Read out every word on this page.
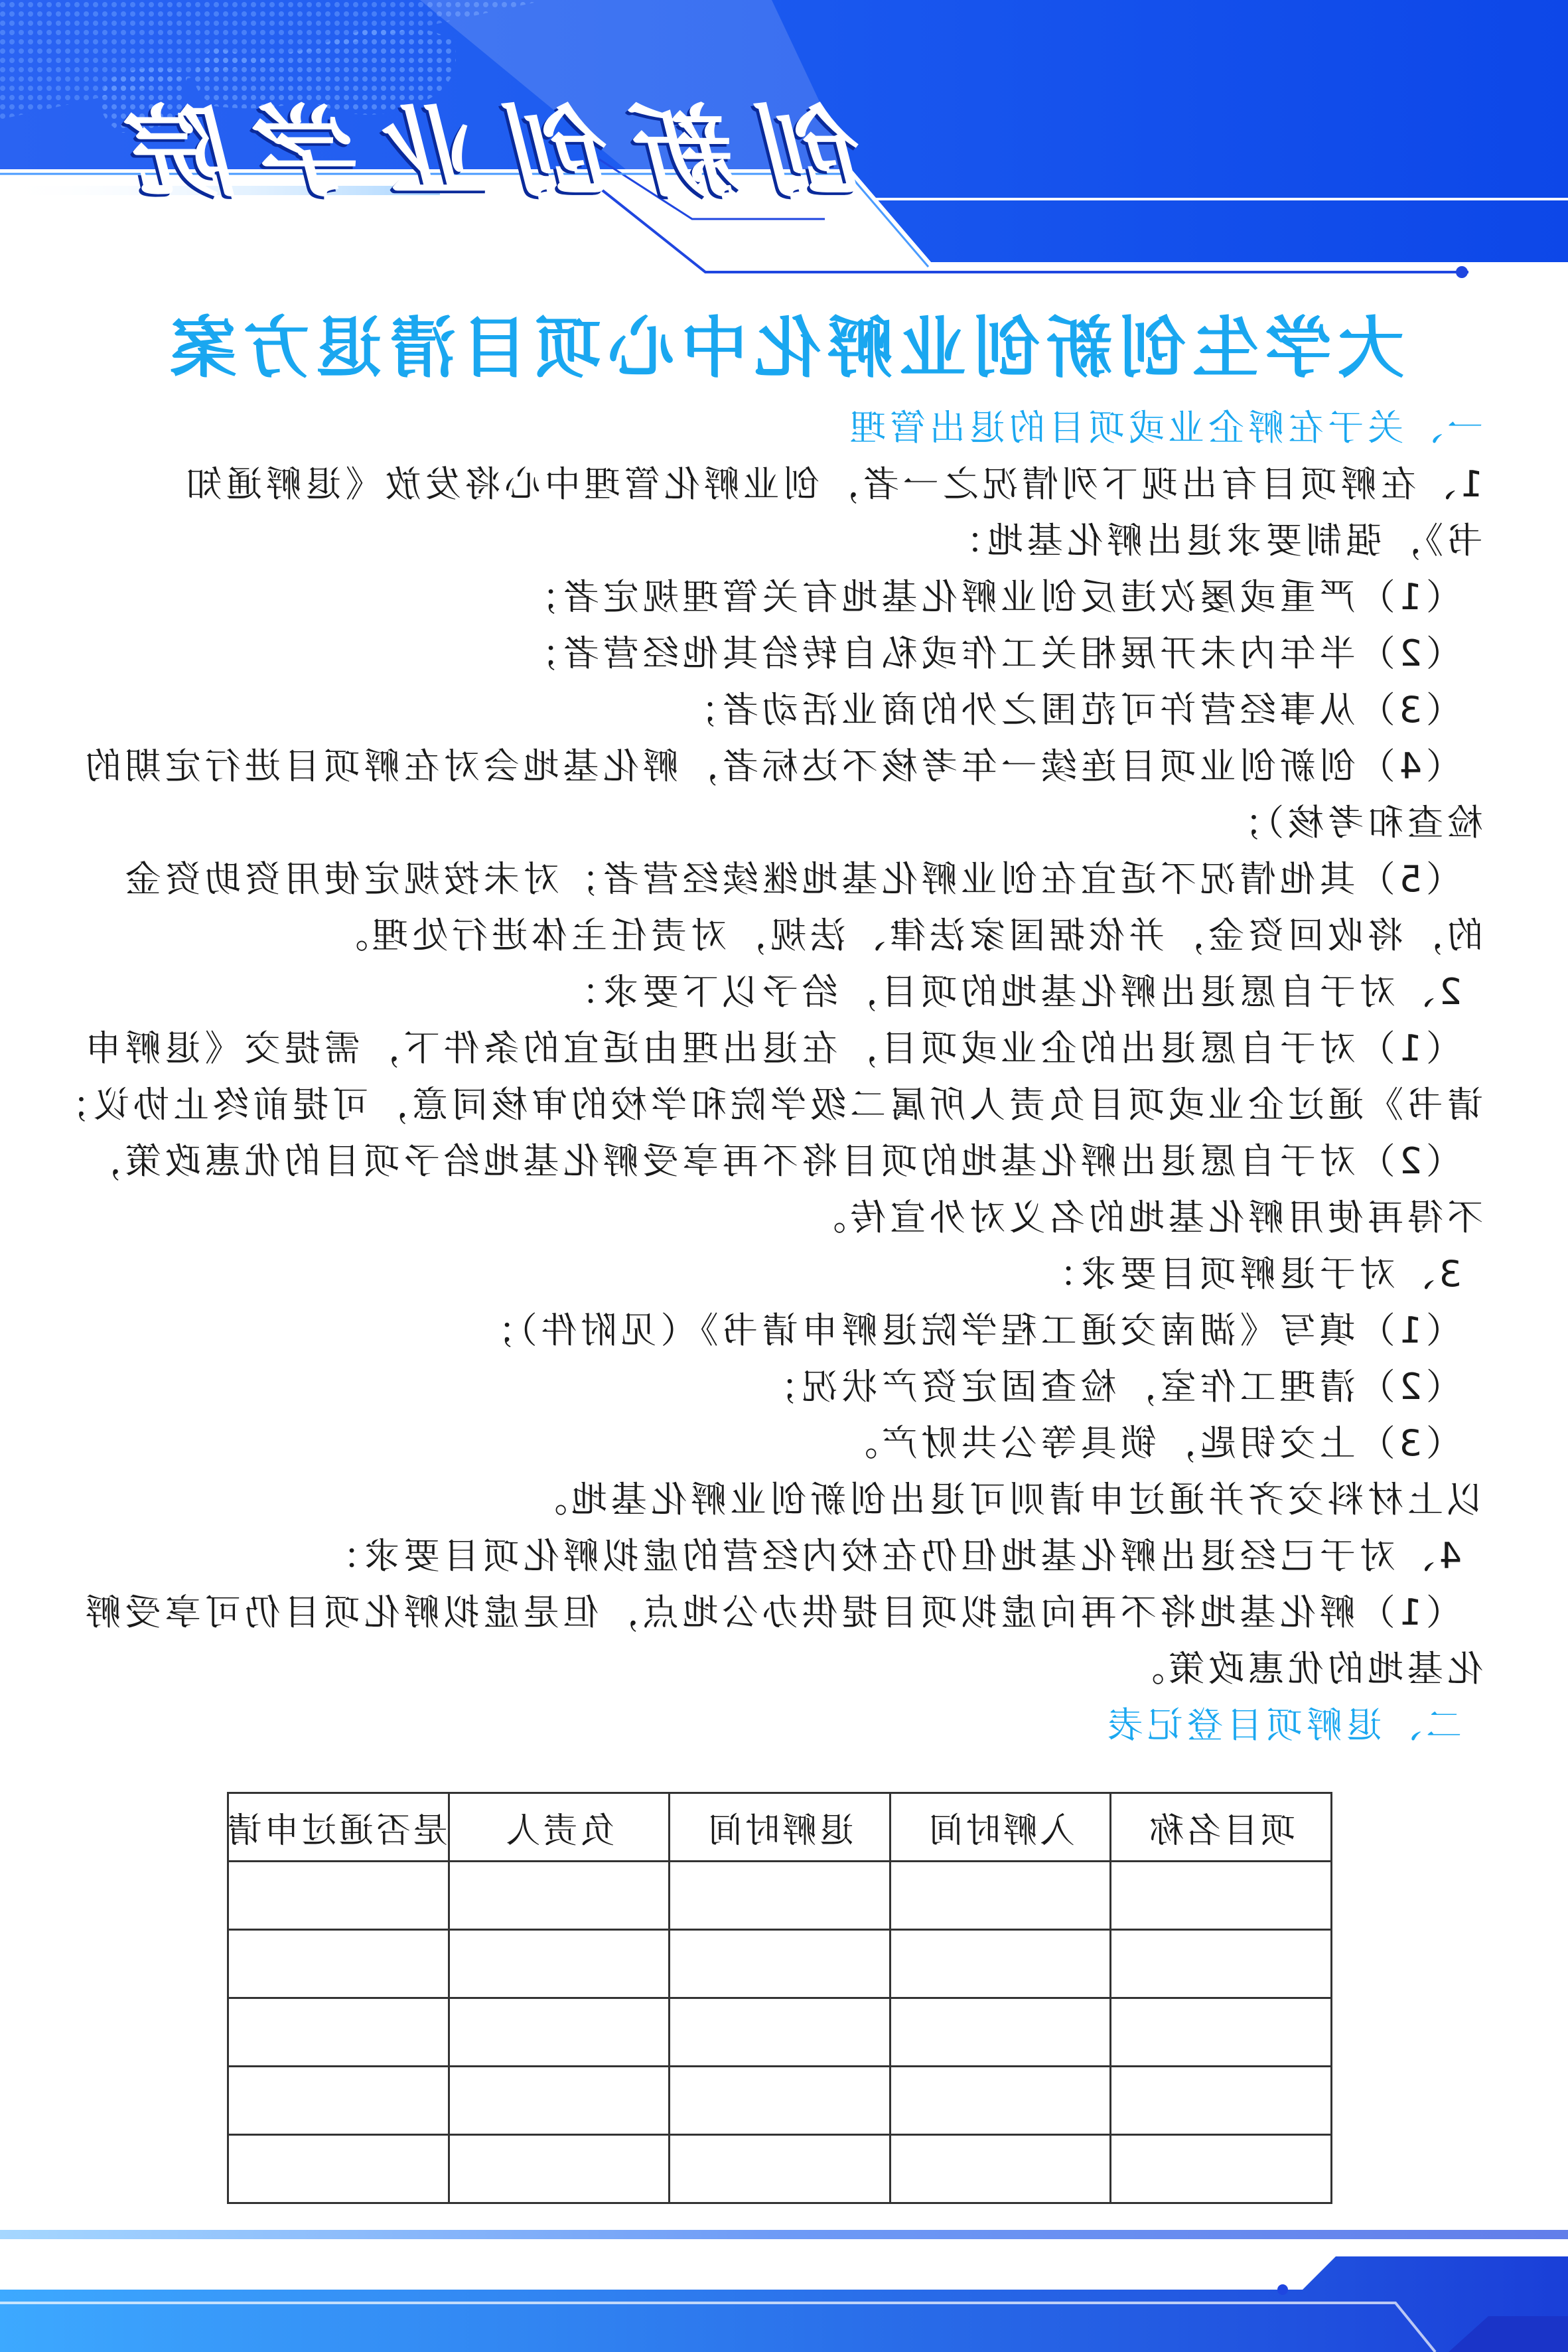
创新创业学院
大学生创新创业孵化中心项目清退方案
一、关于在孵企业或项目的退出管理
1、在孵项目有出现下列情况之一者，创业孵化管理中心将发放《退孵通知
书》，强制要求退出孵化基地：
（1）严重或屡次违反创业孵化基地有关管理规定者；
（2）半年内未开展相关工作或私自转给其他经营者；
（3）从事经营许可范围之外的商业活动者；
（4）创新创业项目连续一年考核不达标者，孵化基地会对在孵项目进行定期的
检查和考核）；
（5）其他情况不适宜在创业孵化基地继续经营者；对未按规定使用资助资金
的，将收回资金，并依据国家法律、法规，对责任主体进行处理。
2、对于自愿退出孵化基地的项目，给予以下要求：
（1）对于自愿退出的企业或项目，在退出理由适宜的条件下，需提交《退孵申
请书》通过企业或项目负责人所属二级学院和学校的审核同意，可提前终止协议；
（2）对于自愿退出孵化基地的项目将不再享受孵化基地给予项目的优惠政策，
不得再使用孵化基地的名义对外宣传。
3、对于退孵项目要求：
（1）填写《湖南交通工程学院退孵申请书》（见附件）；
（2）清理工作室，检查固定资产状况；
（3）上交钥匙，锁具等公共财产。
以上材料交齐并通过申请则可退出创新创业孵化基地。
4、对于已经退出孵化基地但仍在校内经营的虚拟孵化项目要求：
（1）孵化基地将不再向虚拟项目提供办公地点，但是虚拟孵化项目仍可享受孵
化基地的优惠政策。
二、退孵项目登记表
项目名称	入孵时间	退孵时间	负责人	是否通过申请
